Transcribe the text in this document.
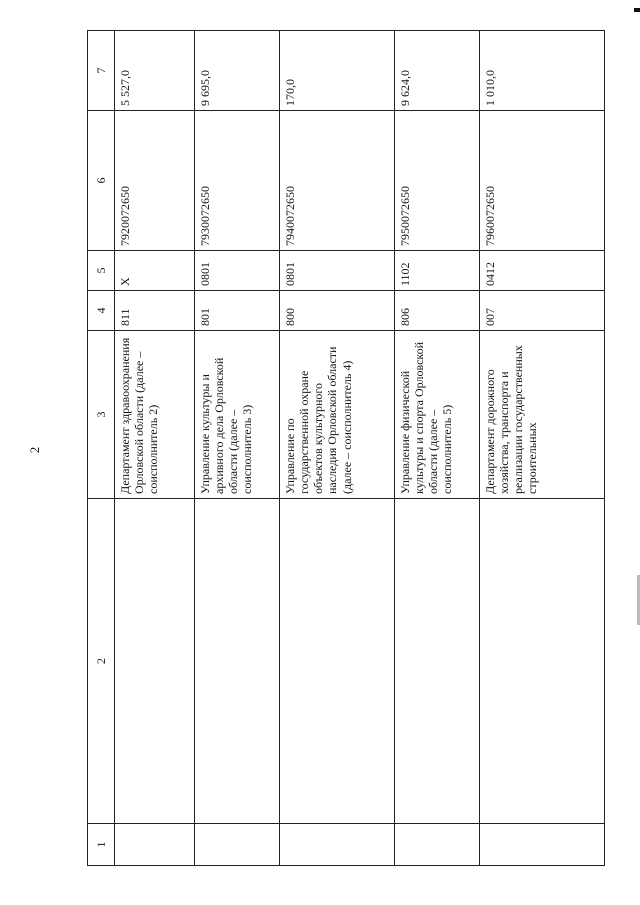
2
1	2	3	4	5	6	7
		Департамент здравоохранения Орловской области (далее – соисполнитель 2)	811	Х	7920072650	5 527,0
		Управление культуры и архивного дела Орловской области (далее – соисполнитель 3)	801	0801	7930072650	9 695,0
		Управление по государственной охране объектов культурного наследия Орловской области (далее – соисполнитель 4)	800	0801	7940072650	170,0
		Управление физической культуры и спорта Орловской области (далее – соисполнитель 5)	806	1102	7950072650	9 624,0
		Департамент дорожного хозяйства, транспорта и реализации государственных строительных	007	0412	7960072650	1 010,0
